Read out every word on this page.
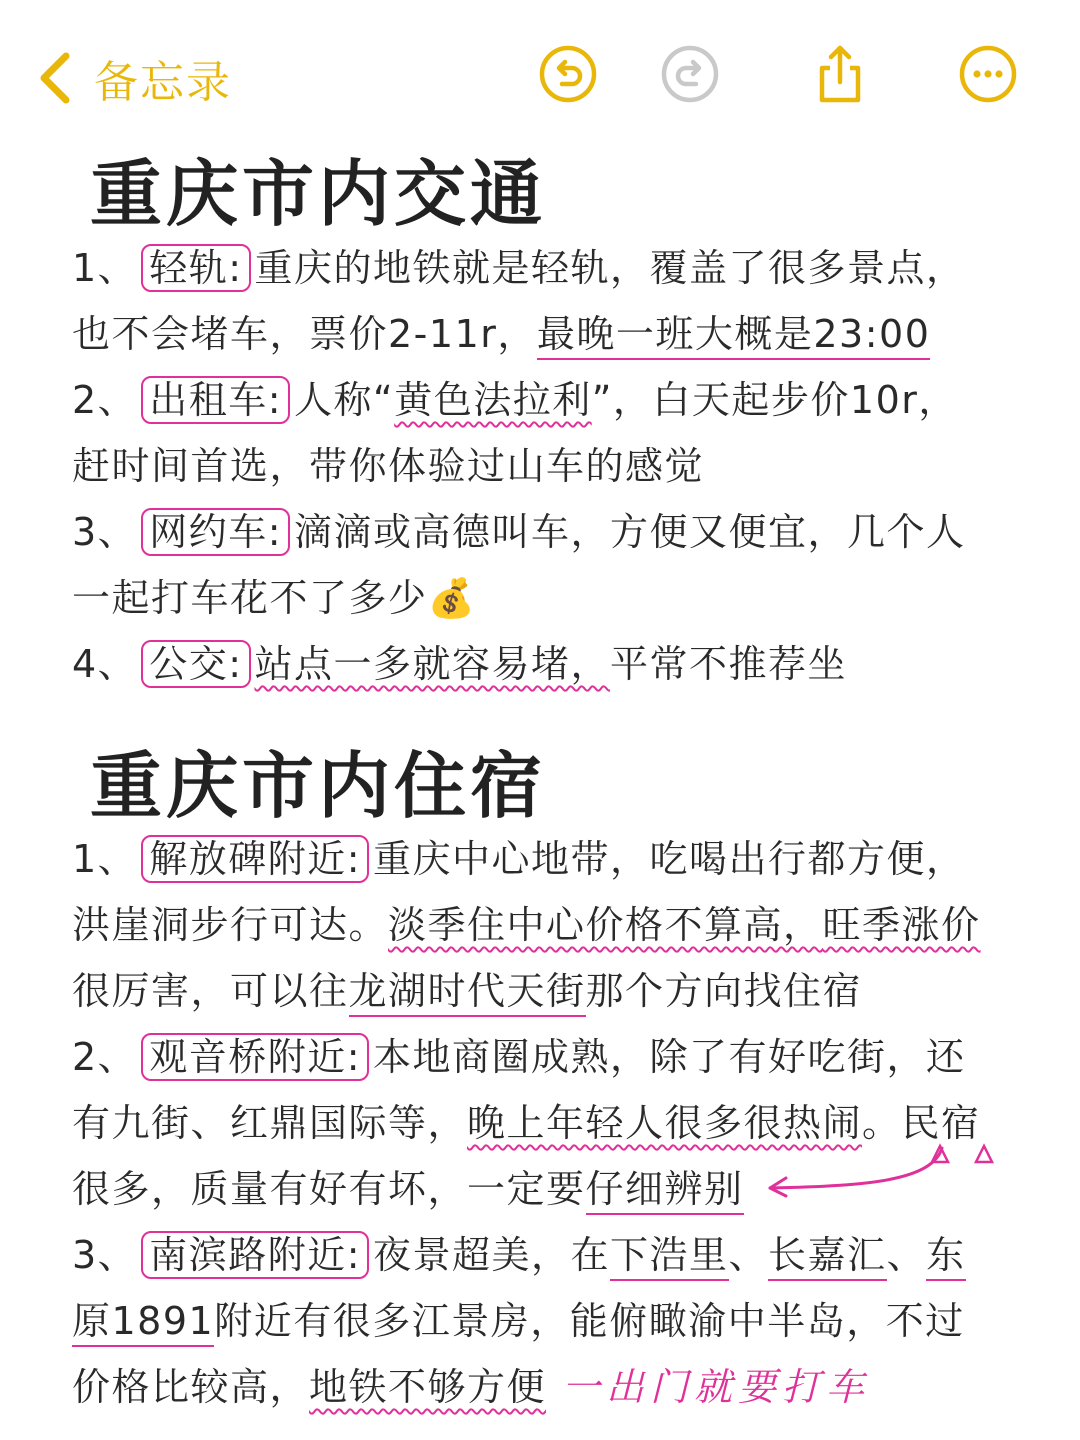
备忘录
重庆市内交通
1、 轻轨: 重庆的地铁就是轻轨，覆盖了很多景点，
也不会堵车，票价2-11r，最晚一班大概是23:00
2、 出租车: 人称“黄色法拉利”，白天起步价10r，
赶时间首选，带你体验过山车的感觉
3、 网约车: 滴滴或高德叫车，方便又便宜，几个人
一起打车花不了多少💰
4、 公交: 站点一多就容易堵，平常不推荐坐
重庆市内住宿
1、 解放碑附近: 重庆中心地带，吃喝出行都方便，
洪崖洞步行可达。淡季住中心价格不算高，旺季涨价
很厉害，可以往龙湖时代天街那个方向找住宿
2、 观音桥附近: 本地商圈成熟，除了有好吃街，还
有九街、红鼎国际等，晚上年轻人很多很热闹。民宿
很多，质量有好有坏，一定要仔细辨别
3、 南滨路附近: 夜景超美，在下浩里、长嘉汇、东
原1891附近有很多江景房，能俯瞰渝中半岛，不过
价格比较高，地铁不够方便 一出门就要打车
